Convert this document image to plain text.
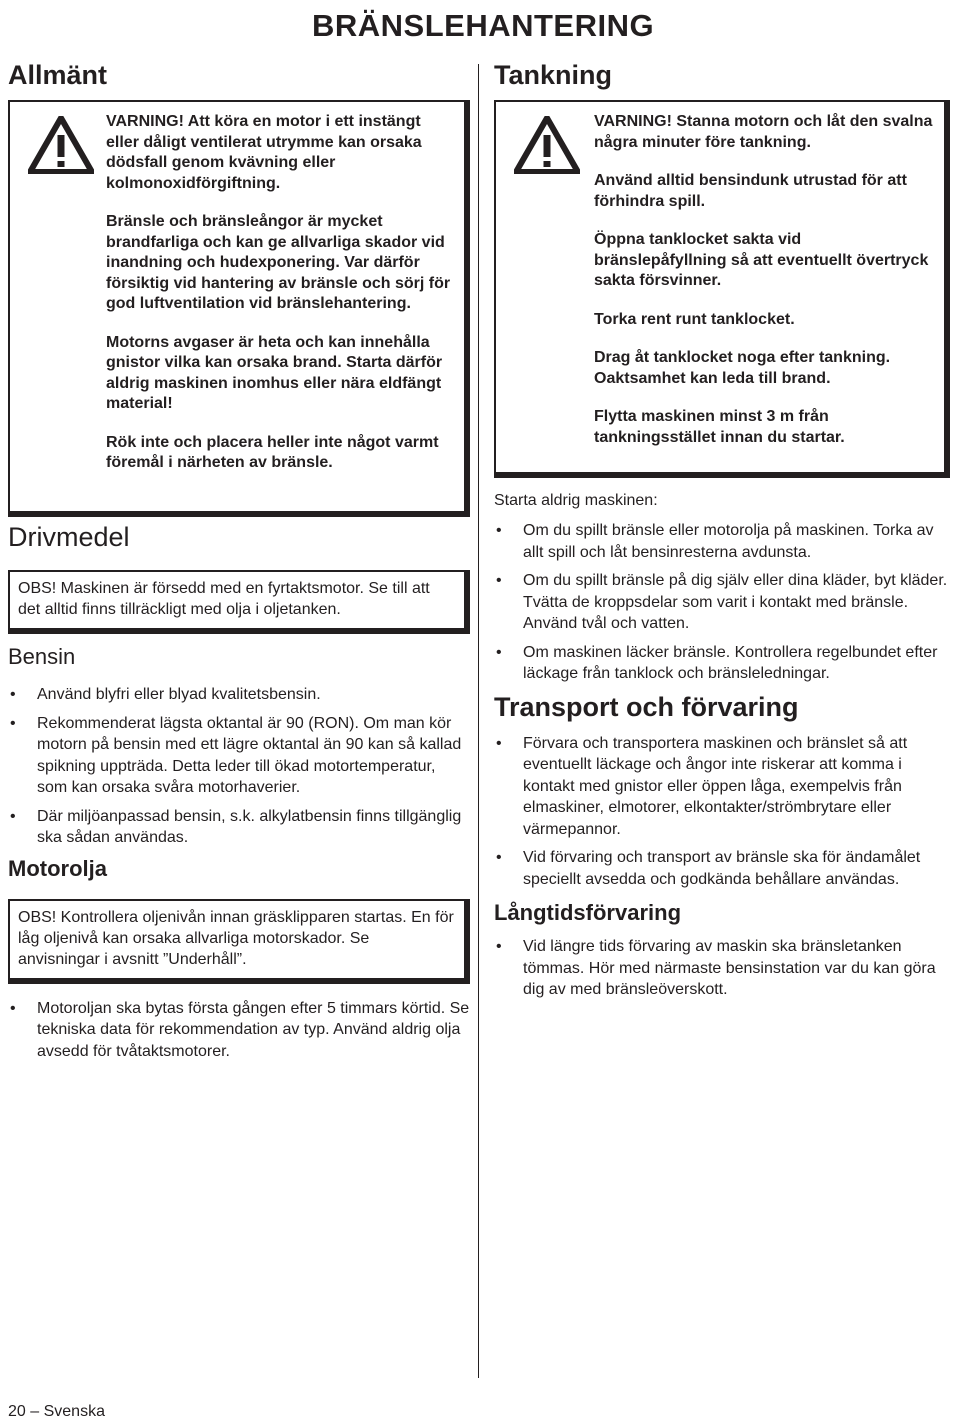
BRÄNSLEHANTERING
Allmänt

VARNING! Att köra en motor i ett instängt eller dåligt ventilerat utrymme kan orsaka dödsfall genom kvävning eller kolmonoxidförgiftning.

Bränsle och bränsleångor är mycket brandfarliga och kan ge allvarliga skador vid inandning och hudexponering. Var därför försiktig vid hantering av bränsle och sörj för god luftventilation vid bränslehantering.

Motorns avgaser är heta och kan innehålla gnistor vilka kan orsaka brand. Starta därför aldrig maskinen inomhus eller nära eldfängt material!

Rök inte och placera heller inte något varmt föremål i närheten av bränsle.

Drivmedel
OBS! Maskinen är försedd med en fyrtaktsmotor. Se till att det alltid finns tillräckligt med olja i oljetanken.
Bensin
• Använd blyfri eller blyad kvalitetsbensin.
• Rekommenderat lägsta oktantal är 90 (RON). Om man kör motorn på bensin med ett lägre oktantal än 90 kan så kallad spikning uppträda. Detta leder till ökad motortemperatur, som kan orsaka svåra motorhaverier.
• Där miljöanpassad bensin, s.k. alkylatbensin finns tillgänglig ska sådan användas.
Motorolja
OBS! Kontrollera oljenivån innan gräsklipparen startas. En för låg oljenivå kan orsaka allvarliga motorskador. Se anvisningar i avsnitt ”Underhåll”.
• Motoroljan ska bytas första gången efter 5 timmars körtid. Se tekniska data för rekommendation av typ. Använd aldrig olja avsedd för tvåtaktsmotorer.
Tankning

VARNING! Stanna motorn och låt den svalna några minuter före tankning.

Använd alltid bensindunk utrustad för att förhindra spill.

Öppna tanklocket sakta vid bränslepåfyllning så att eventuellt övertryck sakta försvinner.

Torka rent runt tanklocket.

Drag åt tanklocket noga efter tankning. Oaktsamhet kan leda till brand.

Flytta maskinen minst 3 m från tankningsstället innan du startar.

Starta aldrig maskinen:

• Om du spillt bränsle eller motorolja på maskinen. Torka av allt spill och låt bensinresterna avdunsta.
• Om du spillt bränsle på dig själv eller dina kläder, byt kläder. Tvätta de kroppsdelar som varit i kontakt med bränsle. Använd tvål och vatten.
• Om maskinen läcker bränsle. Kontrollera regelbundet efter läckage från tanklock och bränsleledningar.
Transport och förvaring
• Förvara och transportera maskinen och bränslet så att eventuellt läckage och ångor inte riskerar att komma i kontakt med gnistor eller öppen låga, exempelvis från elmaskiner, elmotorer, elkontakter/strömbrytare eller värmepannor.
• Vid förvaring och transport av bränsle ska för ändamålet speciellt avsedda och godkända behållare användas.
Långtidsförvaring
• Vid längre tids förvaring av maskin ska bränsletanken tömmas. Hör med närmaste bensinstation var du kan göra dig av med bränsleöverskott.
20 – Svenska
